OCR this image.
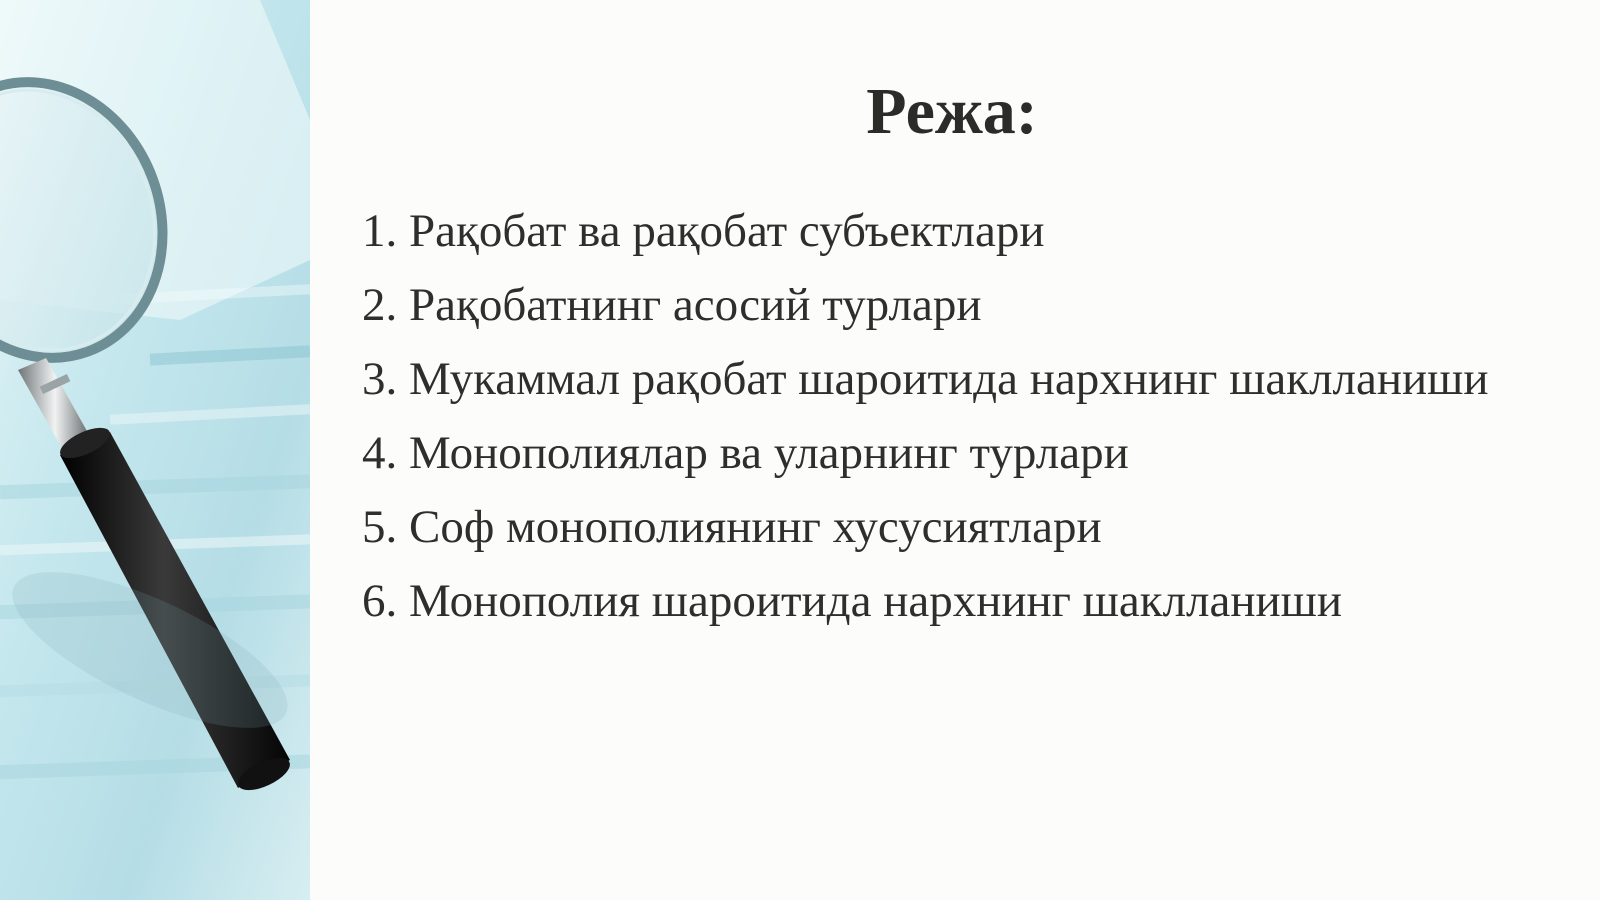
Режа:
1. Рақобат ва рақобат субъектлари
2. Рақобатнинг асосий турлари
3. Мукаммал рақобат шароитида нархнинг шаклланиши
4. Монополиялар ва уларнинг турлари
5. Соф монополиянинг хусусиятлари
6. Монополия шароитида нархнинг шаклланиши
